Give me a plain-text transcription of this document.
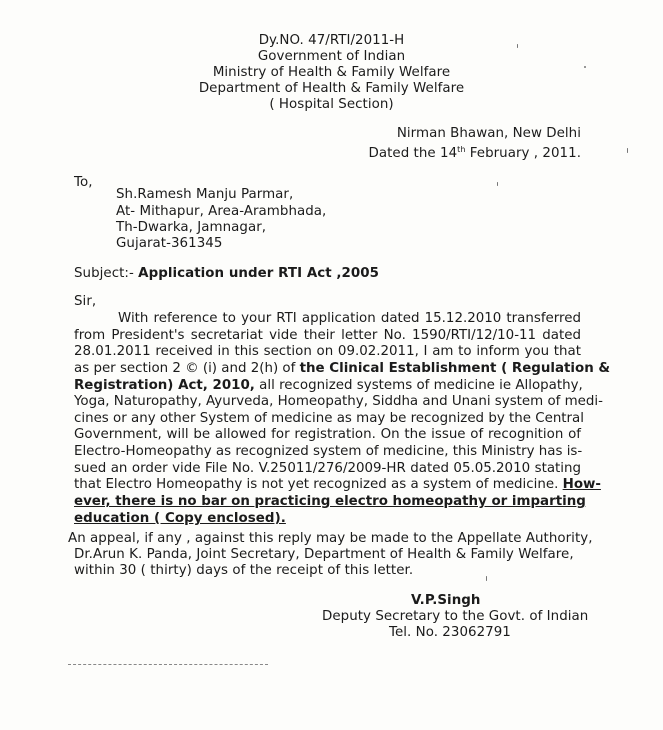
Dy.NO. 47/RTI/2011-H
Government of Indian
Ministry of Health & Family Welfare
Department of Health & Family Welfare
( Hospital Section)
Nirman Bhawan, New Delhi
Dated the 14th February , 2011.
To,
Sh.Ramesh Manju Parmar,
At- Mithapur, Area-Arambhada,
Th-Dwarka, Jamnagar,
Gujarat-361345
Subject:- Application under RTI Act ,2005
Sir,
With reference to your RTI application dated 15.12.2010 transferred
from President's secretariat vide their letter No. 1590/RTI/12/10-11 dated
28.01.2011 received in this section on 09.02.2011, I am to inform you that
as per section 2 © (i) and 2(h) of the Clinical Establishment ( Regulation &
Registration) Act, 2010, all recognized systems of medicine ie Allopathy,
Yoga, Naturopathy, Ayurveda, Homeopathy, Siddha and Unani system of medi-
cines or any other System of medicine as may be recognized by the Central
Government, will be allowed for registration. On the issue of recognition of
Electro-Homeopathy as recognized system of medicine, this Ministry has is-
sued an order vide File No. V.25011/276/2009-HR dated 05.05.2010 stating
that Electro Homeopathy is not yet recognized as a system of medicine. How-
ever, there is no bar on practicing electro homeopathy or imparting
education ( Copy enclosed).
An appeal, if any , against this reply may be made to the Appellate Authority,
Dr.Arun K. Panda, Joint Secretary, Department of Health & Family Welfare,
within 30 ( thirty) days of the receipt of this letter.
V.P.Singh
Deputy Secretary to the Govt. of Indian
Tel. No. 23062791
